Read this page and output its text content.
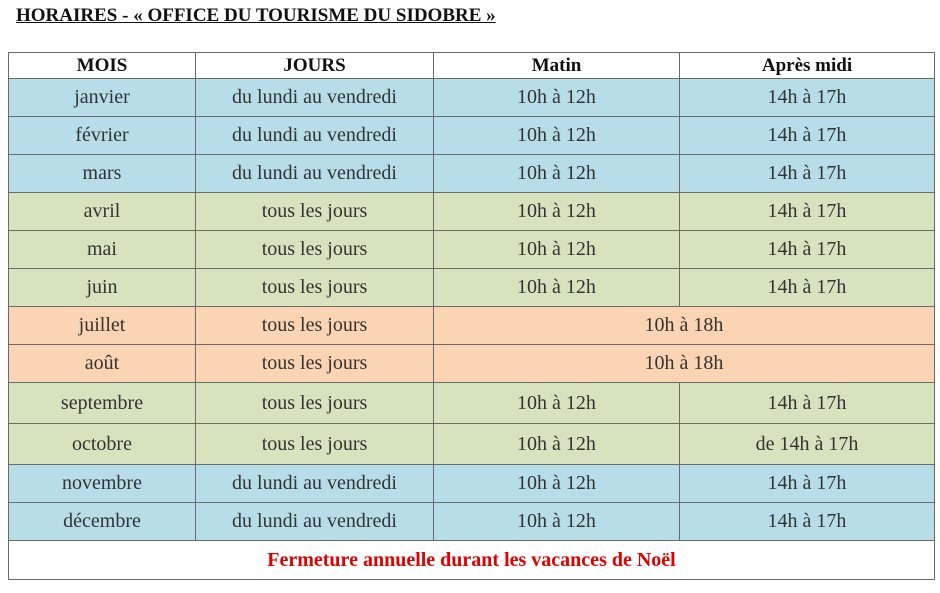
HORAIRES - « OFFICE DU TOURISME DU SIDOBRE »
MOIS	JOURS	Matin	Après midi
janvier	du lundi au vendredi	10h à 12h	14h à 17h
février	du lundi au vendredi	10h à 12h	14h à 17h
mars	du lundi au vendredi	10h à 12h	14h à 17h
avril	tous les jours	10h à 12h	14h à 17h
mai	tous les jours	10h à 12h	14h à 17h
juin	tous les jours	10h à 12h	14h à 17h
juillet	tous les jours	10h à 18h	
août	tous les jours	10h à 18h	
septembre	tous les jours	10h à 12h	14h à 17h
octobre	tous les jours	10h à 12h	de 14h à 17h
novembre	du lundi au vendredi	10h à 12h	14h à 17h
décembre	du lundi au vendredi	10h à 12h	14h à 17h
Fermeture annuelle durant les vacances de Noël			
